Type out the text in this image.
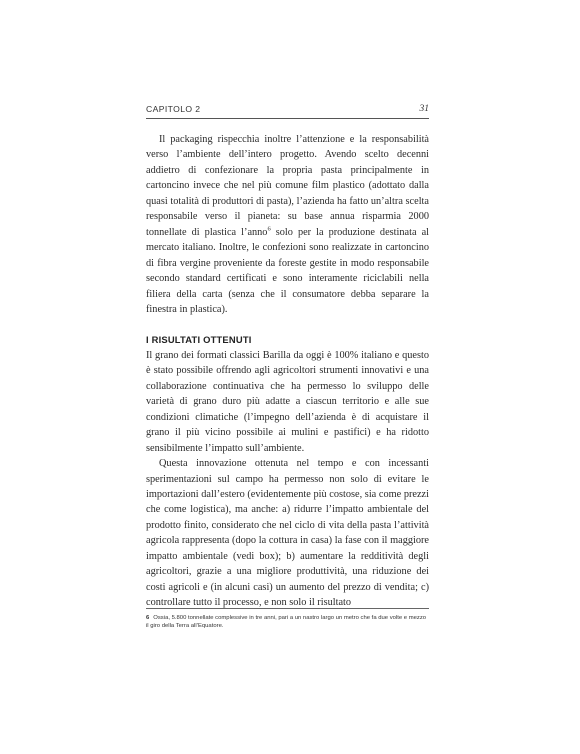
CAPITOLO 2	31

Il packaging rispecchia inoltre l’attenzione e la responsabilità verso l’ambiente dell’intero progetto. Avendo scelto decenni addietro di confezionare la propria pasta principalmente in cartoncino invece che nel più comune film plastico (adottato dalla quasi totalità di produttori di pasta), l’azienda ha fatto un’altra scelta responsabile verso il pianeta: su base annua risparmia 2000 tonnellate di plastica l’anno$^6$ solo per la produzione destinata al mercato italiano. Inoltre, le confezioni sono realizzate in cartoncino di fibra vergine proveniente da foreste gestite in modo responsabile secondo standard certificati e sono interamente riciclabili nella filiera della carta (senza che il consumatore debba separare la finestra in plastica).

I RISULTATI OTTENUTI

Il grano dei formati classici Barilla da oggi è 100% italiano e questo è stato possibile offrendo agli agricoltori strumenti innovativi e una collaborazione continuativa che ha permesso lo sviluppo delle varietà di grano duro più adatte a ciascun territorio e alle sue condizioni climatiche (l’impegno dell’azienda è di acquistare il grano il più vicino possibile ai mulini e pastifici) e ha ridotto sensibilmente l’impatto sull’ambiente.

Questa innovazione ottenuta nel tempo e con incessanti sperimentazioni sul campo ha permesso non solo di evitare le importazioni dall’estero (evidentemente più costose, sia come prezzi che come logistica), ma anche: a) ridurre l’impatto ambientale del prodotto finito, considerato che nel ciclo di vita della pasta l’attività agricola rappresenta (dopo la cottura in casa) la fase con il maggiore impatto ambientale (vedi box); b) aumentare la redditività degli agricoltori, grazie a una migliore produttività, una riduzione dei costi agricoli e (in alcuni casi) un aumento del prezzo di vendita; c) controllare tutto il processo, e non solo il risultato

6 Ossia, 5.800 tonnellate complessive in tre anni, pari a un nastro largo un metro che fa due volte e mezzo il giro della Terra all’Equatore.
